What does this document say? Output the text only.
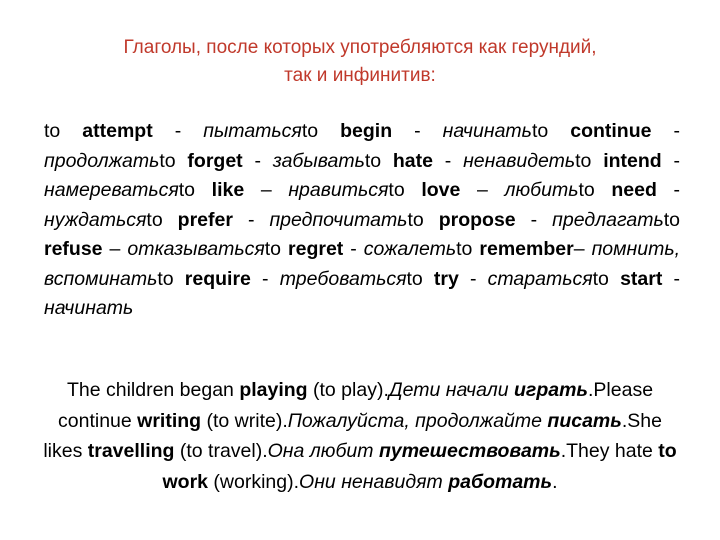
Глаголы, после которых употребляются как герундий,
так и инфинитив:
to attempt - пытатьсяto begin - начинатьto continue - продолжатьto forget - забыватьto hate - ненавидетьto intend - намереватьсяto like – нравитьсяto love – любитьto need - нуждатьсяto prefer - предпочитатьto propose - предлагатьto refuse – отказыватьсяto regret - сожалетьto remember– помнить, вспоминатьto require - требоватьсяto try - старатьсяto start - начинать
The children began playing (to play).Дети начали играть.Please continue writing (to write).Пожалуйста, продолжайте писать.She likes travelling (to travel).Она любит путешествовать.They hate to work (working).Они ненавидят работать.
